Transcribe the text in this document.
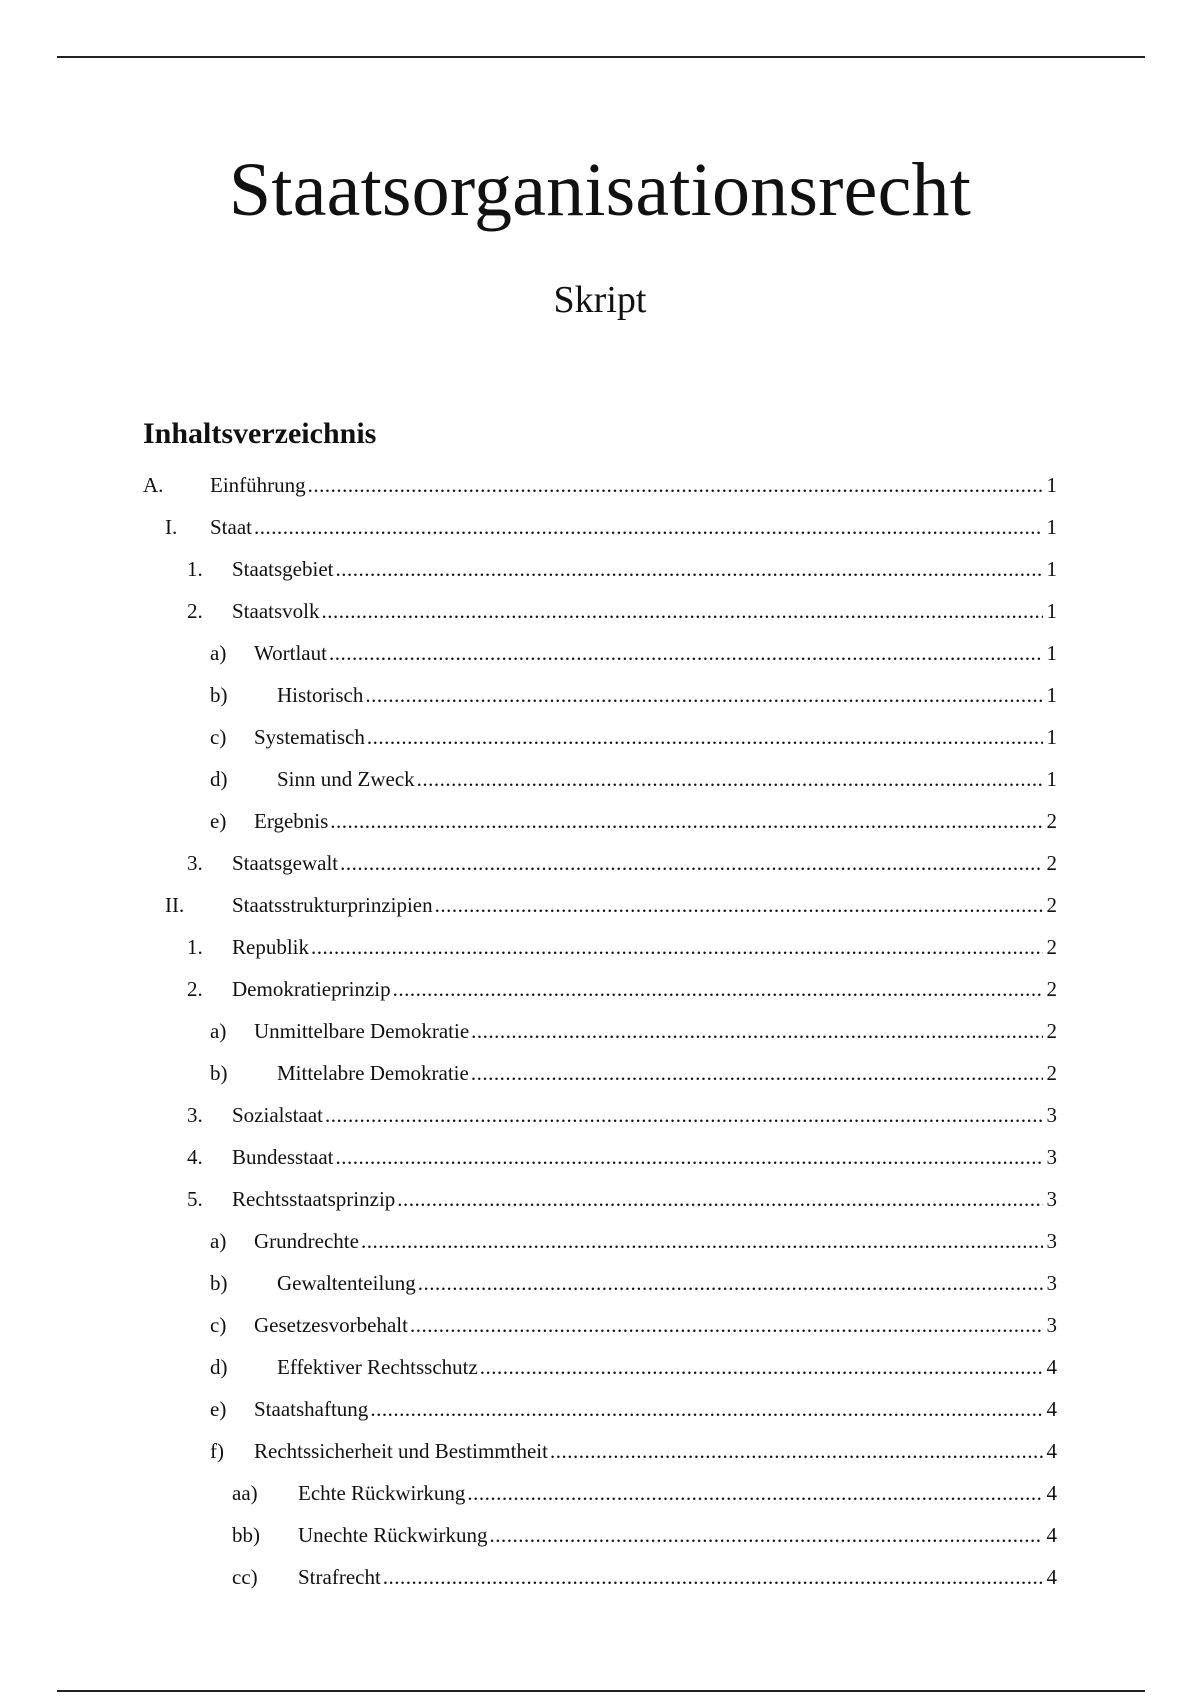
Staatsorganisationsrecht
Skript
Inhaltsverzeichnis
A. Einführung .....	1
I. Staat .....	1
1. Staatsgebiet .....	1
2. Staatsvolk .....	1
a) Wortlaut .....	1
b) Historisch .....	1
c) Systematisch .....	1
d) Sinn und Zweck .....	1
e) Ergebnis .....	2
3. Staatsgewalt .....	2
II. Staatsstrukturprinzipien .....	2
1. Republik .....	2
2. Demokratieprinzip .....	2
a) Unmittelbare Demokratie .....	2
b) Mittelabre Demokratie .....	2
3. Sozialstaat .....	3
4. Bundesstaat .....	3
5. Rechtsstaatsprinzip .....	3
a) Grundrechte .....	3
b) Gewaltenteilung .....	3
c) Gesetzesvorbehalt .....	3
d) Effektiver Rechtsschutz .....	4
e) Staatshaftung .....	4
f) Rechtssicherheit und Bestimmtheit .....	4
aa) Echte Rückwirkung .....	4
bb) Unechte Rückwirkung .....	4
cc) Strafrecht .....	4
